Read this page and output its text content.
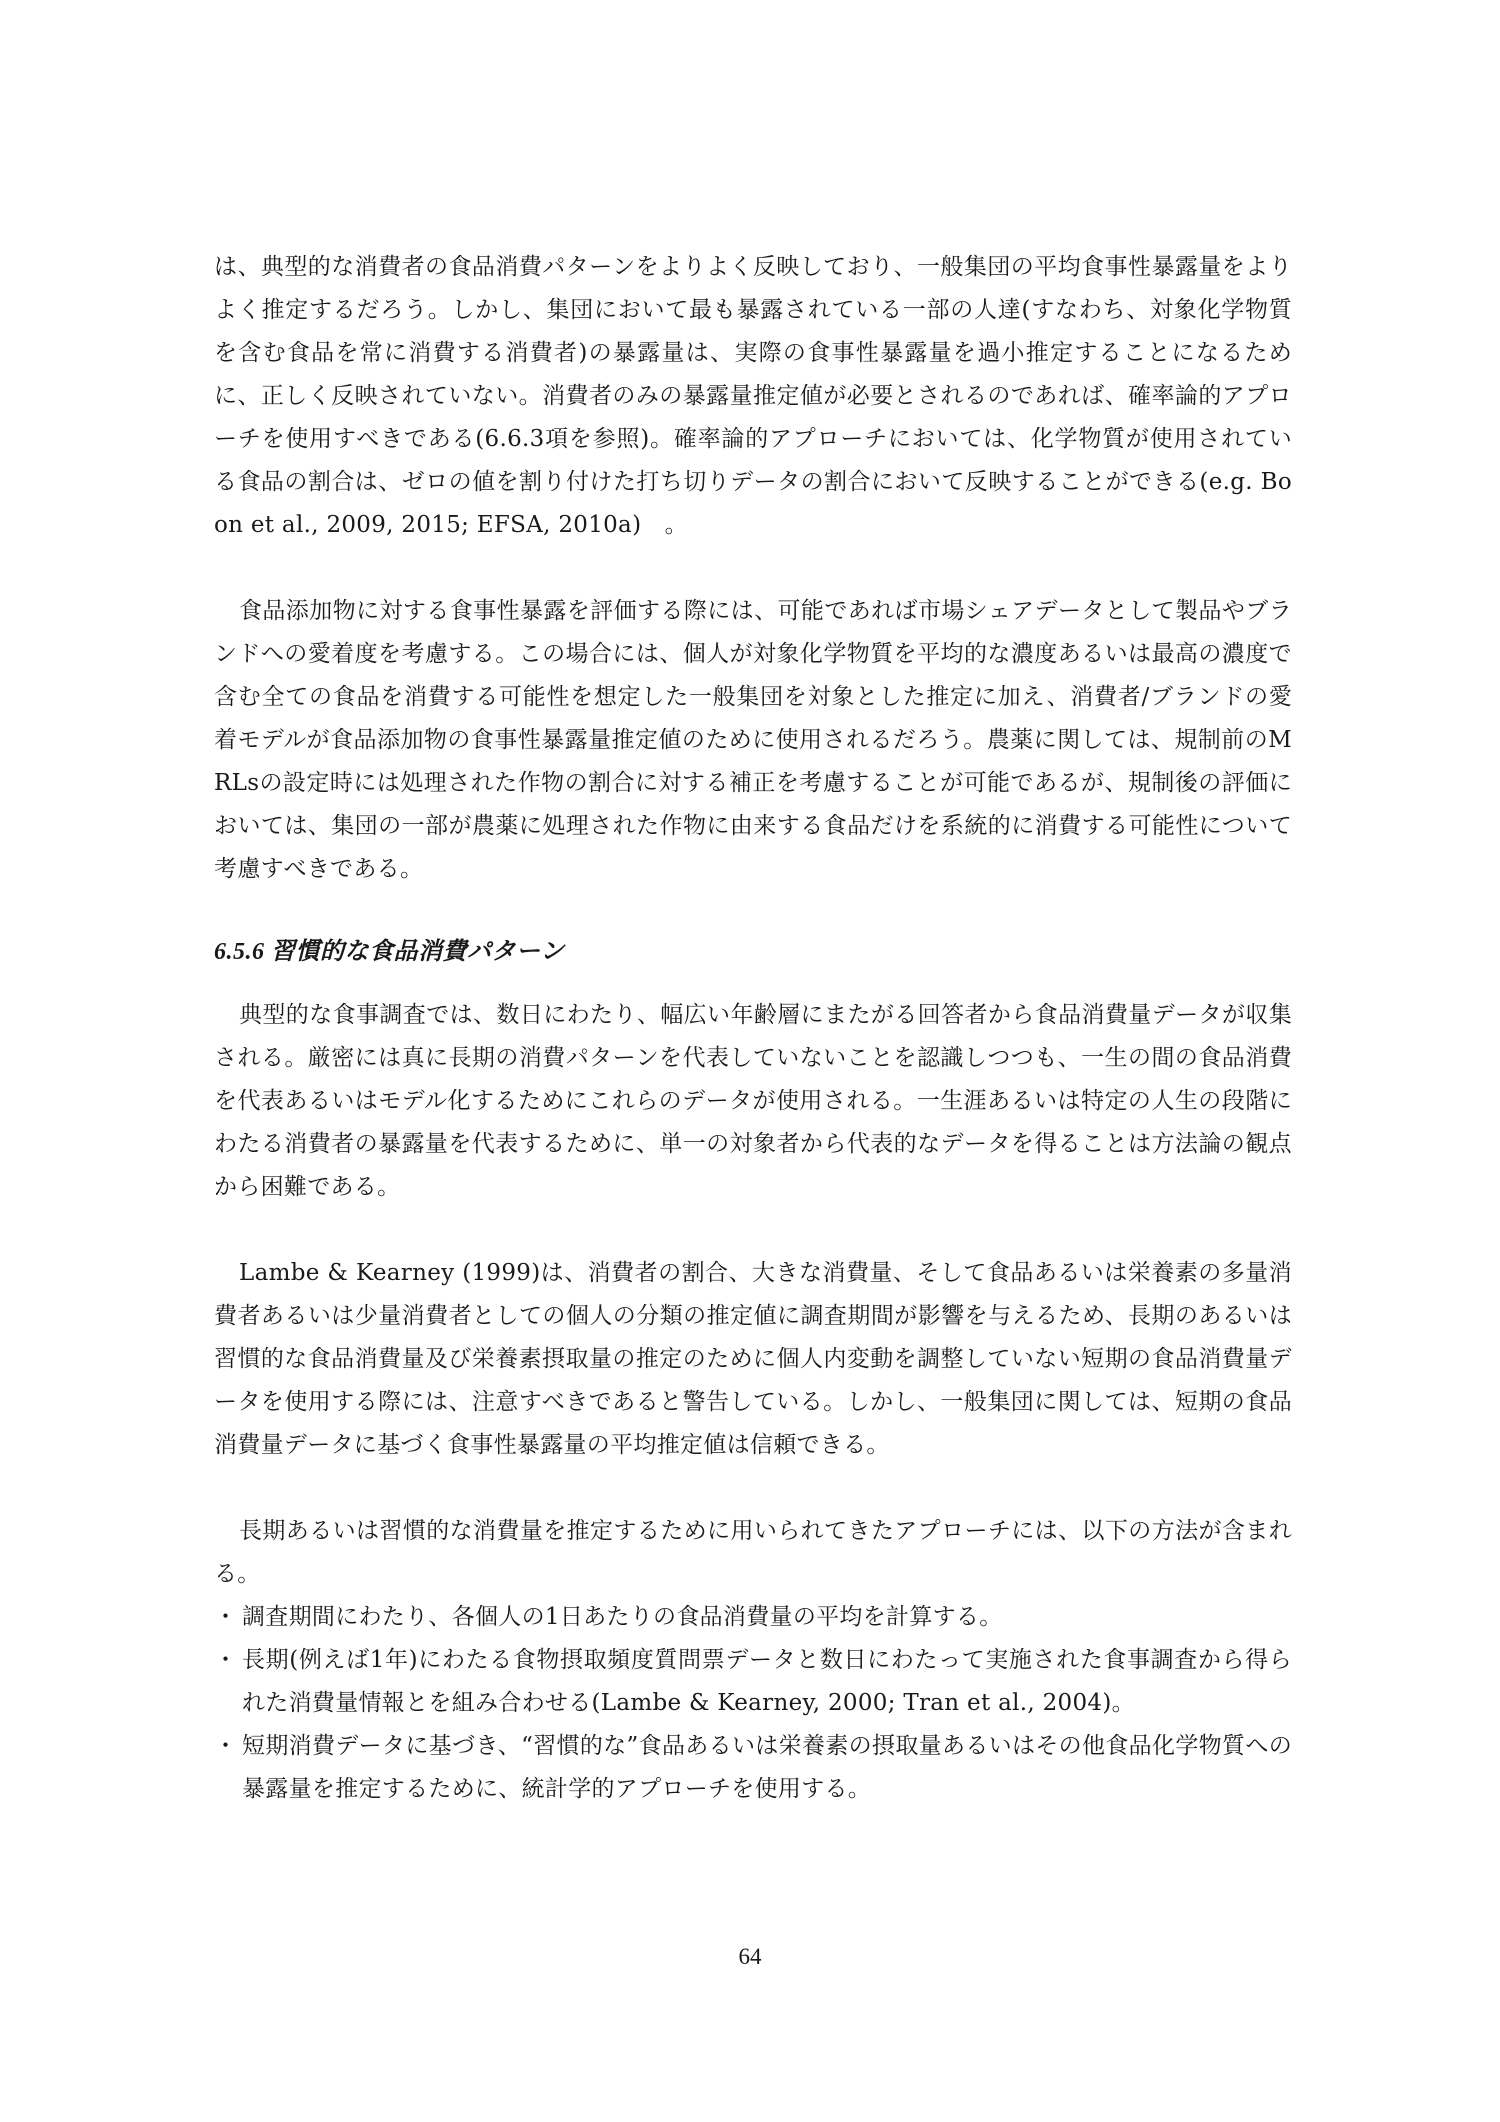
は、典型的な消費者の食品消費パターンをよりよく反映しており、一般集団の平均食事性暴露量をよりよく推定するだろう。しかし、集団において最も暴露されている一部の人達(すなわち、対象化学物質を含む食品を常に消費する消費者)の暴露量は、実際の食事性暴露量を過小推定することになるために、正しく反映されていない。消費者のみの暴露量推定値が必要とされるのであれば、確率論的アプローチを使用すべきである(6.6.3項を参照)。確率論的アプローチにおいては、化学物質が使用されている食品の割合は、ゼロの値を割り付けた打ち切りデータの割合において反映することができる(e.g. Boon et al., 2009, 2015; EFSA, 2010a)　。

食品添加物に対する食事性暴露を評価する際には、可能であれば市場シェアデータとして製品やブランドへの愛着度を考慮する。この場合には、個人が対象化学物質を平均的な濃度あるいは最高の濃度で含む全ての食品を消費する可能性を想定した一般集団を対象とした推定に加え、消費者/ブランドの愛着モデルが食品添加物の食事性暴露量推定値のために使用されるだろう。農薬に関しては、規制前のMRLsの設定時には処理された作物の割合に対する補正を考慮することが可能であるが、規制後の評価においては、集団の一部が農薬に処理された作物に由来する食品だけを系統的に消費する可能性について考慮すべきである。

6.5.6 習慣的な食品消費パターン

典型的な食事調査では、数日にわたり、幅広い年齢層にまたがる回答者から食品消費量データが収集される。厳密には真に長期の消費パターンを代表していないことを認識しつつも、一生の間の食品消費を代表あるいはモデル化するためにこれらのデータが使用される。一生涯あるいは特定の人生の段階にわたる消費者の暴露量を代表するために、単一の対象者から代表的なデータを得ることは方法論の観点から困難である。

Lambe & Kearney (1999)は、消費者の割合、大きな消費量、そして食品あるいは栄養素の多量消費者あるいは少量消費者としての個人の分類の推定値に調査期間が影響を与えるため、長期のあるいは習慣的な食品消費量及び栄養素摂取量の推定のために個人内変動を調整していない短期の食品消費量データを使用する際には、注意すべきであると警告している。しかし、一般集団に関しては、短期の食品消費量データに基づく食事性暴露量の平均推定値は信頼できる。

長期あるいは習慣的な消費量を推定するために用いられてきたアプローチには、以下の方法が含まれる。

・ 調査期間にわたり、各個人の1日あたりの食品消費量の平均を計算する。
・ 長期(例えば1年)にわたる食物摂取頻度質問票データと数日にわたって実施された食事調査から得られた消費量情報とを組み合わせる(Lambe & Kearney, 2000; Tran et al., 2004)。
・ 短期消費データに基づき、“習慣的な”食品あるいは栄養素の摂取量あるいはその他食品化学物質への暴露量を推定するために、統計学的アプローチを使用する。
64
